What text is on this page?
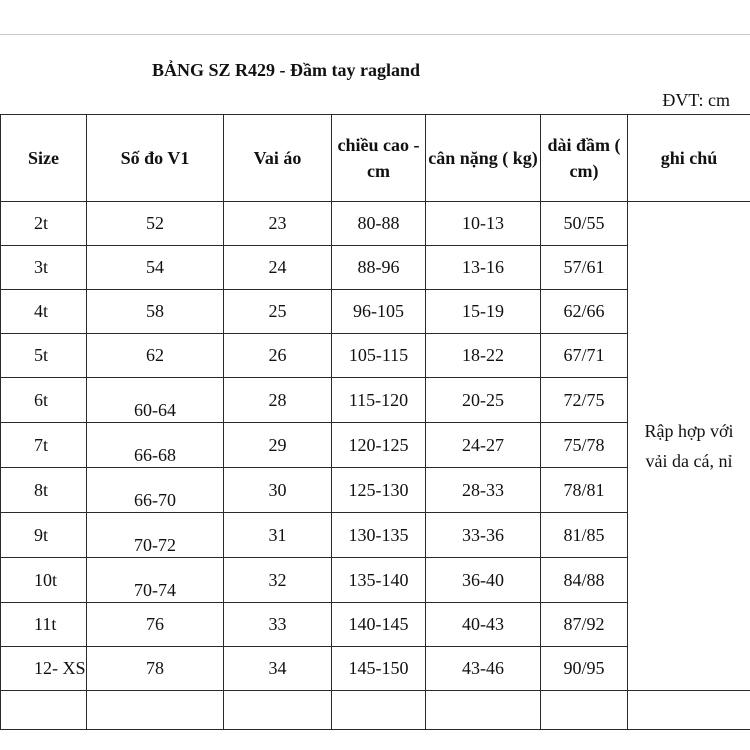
BẢNG SZ R429 - Đầm tay ragland
ĐVT: cm
Size	Số đo V1	Vai áo	chiều cao - cm	cân nặng ( kg)	dài đầm ( cm)	ghi chú
2t	52	23	80-88	10-13	50/55	Rập hợp với vải da cá, nỉ
3t	54	24	88-96	13-16	57/61	
4t	58	25	96-105	15-19	62/66	
5t	62	26	105-115	18-22	67/71	
6t	60-64	28	115-120	20-25	72/75	
7t	66-68	29	120-125	24-27	75/78	
8t	66-70	30	125-130	28-33	78/81	
9t	70-72	31	130-135	33-36	81/85	
10t	70-74	32	135-140	36-40	84/88	
11t	76	33	140-145	40-43	87/92	
12- XS	78	34	145-150	43-46	90/95	
